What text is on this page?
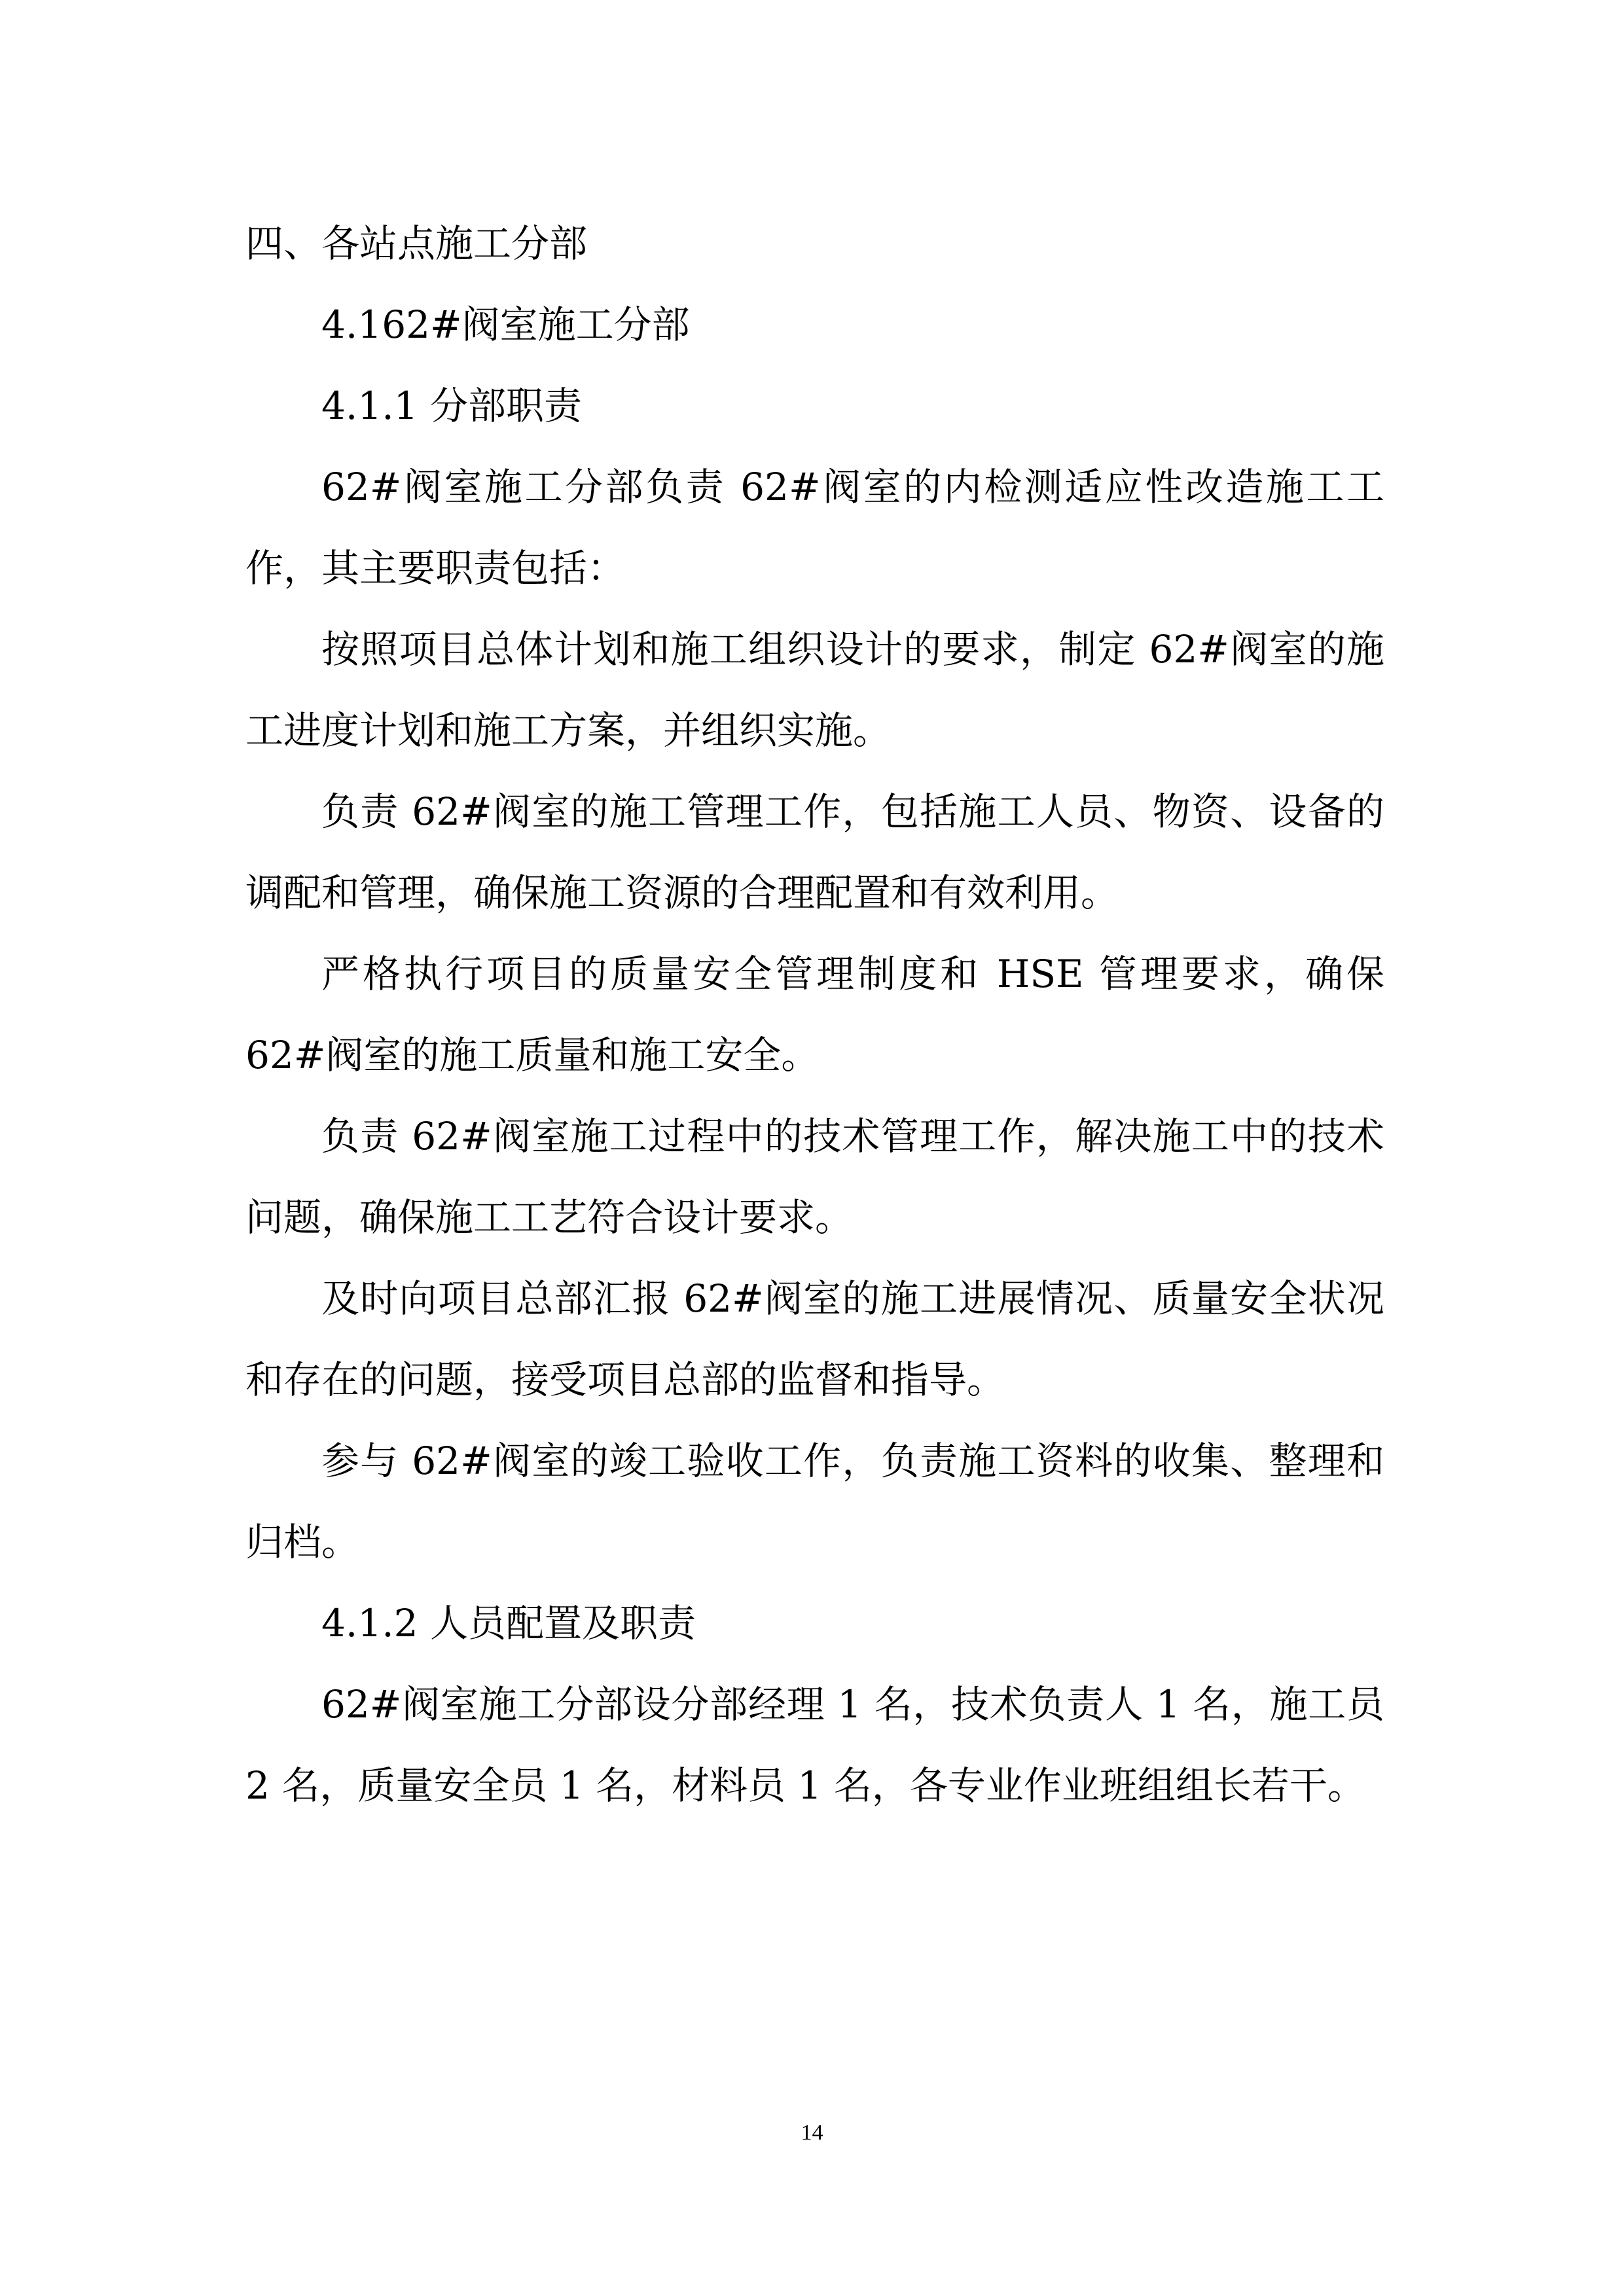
四、各站点施工分部

4.162#阀室施工分部

4.1.1 分部职责

62#阀室施工分部负责 62#阀室的内检测适应性改造施工工作，其主要职责包括：

按照项目总体计划和施工组织设计的要求，制定 62#阀室的施工进度计划和施工方案，并组织实施。

负责 62#阀室的施工管理工作，包括施工人员、物资、设备的调配和管理，确保施工资源的合理配置和有效利用。

严格执行项目的质量安全管理制度和 HSE 管理要求，确保 62#阀室的施工质量和施工安全。

负责 62#阀室施工过程中的技术管理工作，解决施工中的技术问题，确保施工工艺符合设计要求。

及时向项目总部汇报 62#阀室的施工进展情况、质量安全状况和存在的问题，接受项目总部的监督和指导。

参与 62#阀室的竣工验收工作，负责施工资料的收集、整理和归档。

4.1.2 人员配置及职责

62#阀室施工分部设分部经理 1 名，技术负责人 1 名，施工员 2 名，质量安全员 1 名，材料员 1 名，各专业作业班组组长若干。

14
